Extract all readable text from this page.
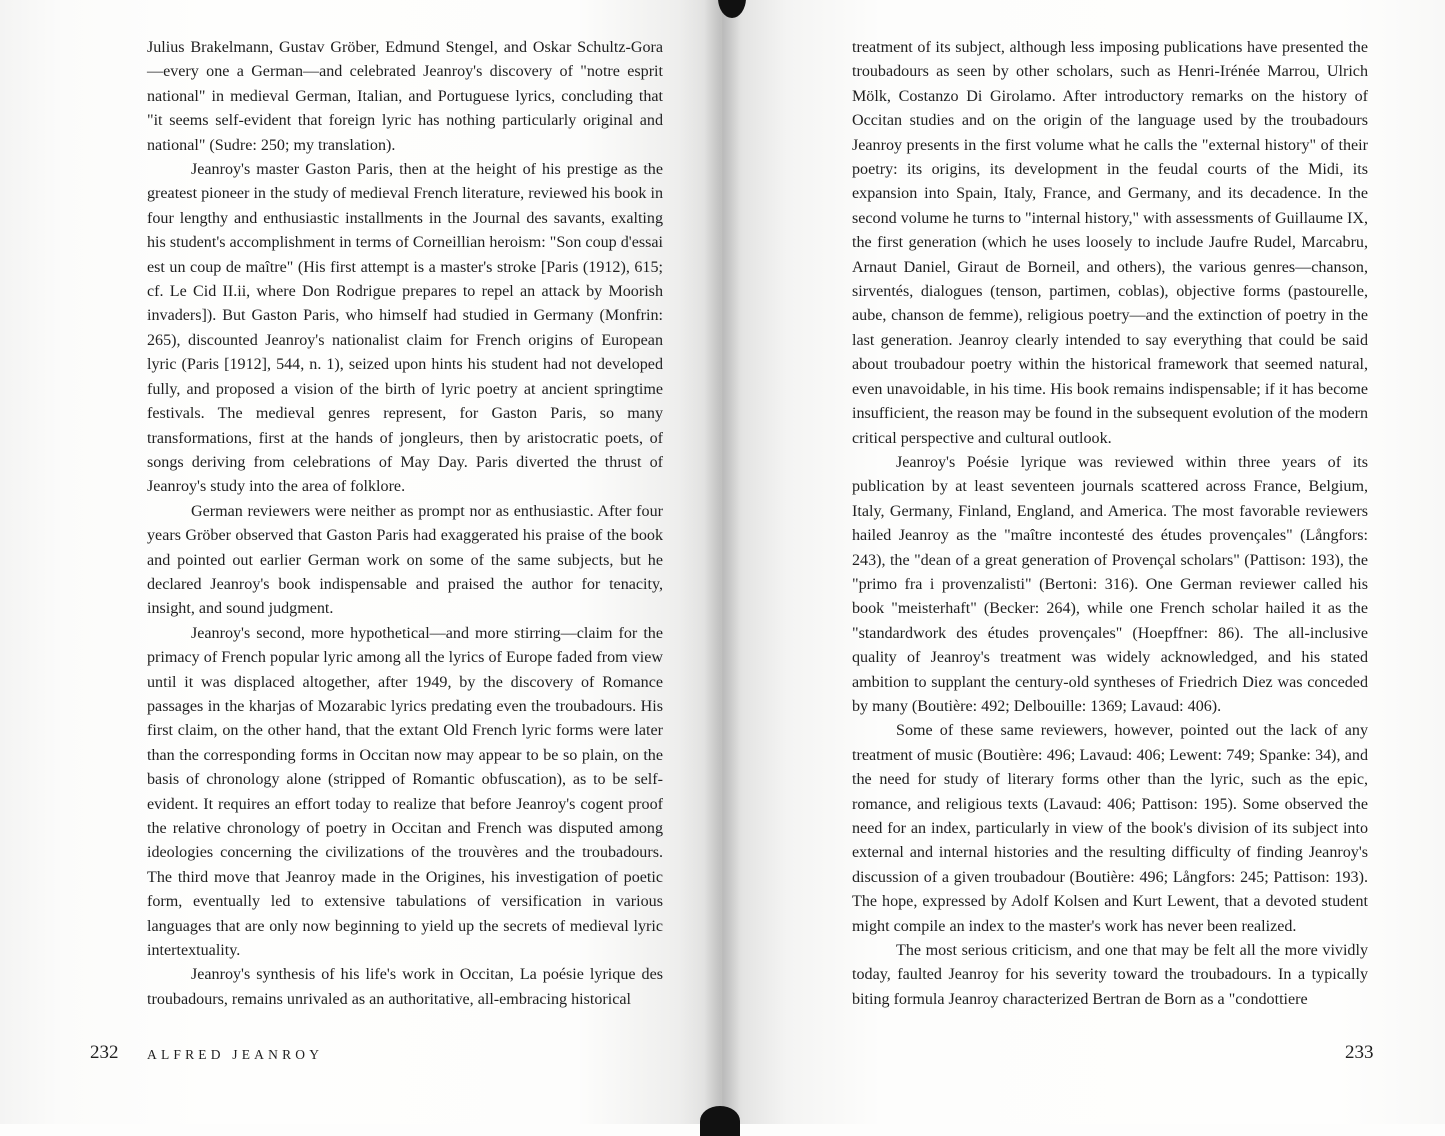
Julius Brakelmann, Gustav Gröber, Edmund Stengel, and Oskar Schultz-Gora—every one a German—and celebrated Jeanroy's discovery of "notre esprit national" in medieval German, Italian, and Portuguese lyrics, concluding that "it seems self-evident that foreign lyric has nothing particularly original and national" (Sudre: 250; my translation).

Jeanroy's master Gaston Paris, then at the height of his prestige as the greatest pioneer in the study of medieval French literature, reviewed his book in four lengthy and enthusiastic installments in the Journal des savants, exalting his student's accomplishment in terms of Corneillian heroism: "Son coup d'essai est un coup de maître" (His first attempt is a master's stroke [Paris (1912), 615; cf. Le Cid II.ii, where Don Rodrigue prepares to repel an attack by Moorish invaders]). But Gaston Paris, who himself had studied in Germany (Monfrin: 265), discounted Jeanroy's nationalist claim for French origins of European lyric (Paris [1912], 544, n. 1), seized upon hints his student had not developed fully, and proposed a vision of the birth of lyric poetry at ancient springtime festivals. The medieval genres represent, for Gaston Paris, so many transformations, first at the hands of jongleurs, then by aristocratic poets, of songs deriving from celebrations of May Day. Paris diverted the thrust of Jeanroy's study into the area of folklore.

German reviewers were neither as prompt nor as enthusiastic. After four years Gröber observed that Gaston Paris had exaggerated his praise of the book and pointed out earlier German work on some of the same subjects, but he declared Jeanroy's book indispensable and praised the author for tenacity, insight, and sound judgment.

Jeanroy's second, more hypothetical—and more stirring—claim for the primacy of French popular lyric among all the lyrics of Europe faded from view until it was displaced altogether, after 1949, by the discovery of Romance passages in the kharjas of Mozarabic lyrics predating even the troubadours. His first claim, on the other hand, that the extant Old French lyric forms were later than the corresponding forms in Occitan now may appear to be so plain, on the basis of chronology alone (stripped of Romantic obfuscation), as to be self-evident. It requires an effort today to realize that before Jeanroy's cogent proof the relative chronology of poetry in Occitan and French was disputed among ideologies concerning the civilizations of the trouvères and the troubadours. The third move that Jeanroy made in the Origines, his investigation of poetic form, eventually led to extensive tabulations of versification in various languages that are only now beginning to yield up the secrets of medieval lyric intertextuality.

Jeanroy's synthesis of his life's work in Occitan, La poésie lyrique des troubadours, remains unrivaled as an authoritative, all-embracing historical

treatment of its subject, although less imposing publications have presented the troubadours as seen by other scholars, such as Henri-Irénée Marrou, Ulrich Mölk, Costanzo Di Girolamo. After introductory remarks on the history of Occitan studies and on the origin of the language used by the troubadours Jeanroy presents in the first volume what he calls the "external history" of their poetry: its origins, its development in the feudal courts of the Midi, its expansion into Spain, Italy, France, and Germany, and its decadence. In the second volume he turns to "internal history," with assessments of Guillaume IX, the first generation (which he uses loosely to include Jaufre Rudel, Marcabru, Arnaut Daniel, Giraut de Borneil, and others), the various genres—chanson, sirventés, dialogues (tenson, partimen, coblas), objective forms (pastourelle, aube, chanson de femme), religious poetry—and the extinction of poetry in the last generation. Jeanroy clearly intended to say everything that could be said about troubadour poetry within the historical framework that seemed natural, even unavoidable, in his time. His book remains indispensable; if it has become insufficient, the reason may be found in the subsequent evolution of the modern critical perspective and cultural outlook.

Jeanroy's Poésie lyrique was reviewed within three years of its publication by at least seventeen journals scattered across France, Belgium, Italy, Germany, Finland, England, and America. The most favorable reviewers hailed Jeanroy as the "maître incontesté des études provençales" (Långfors: 243), the "dean of a great generation of Provençal scholars" (Pattison: 193), the "primo fra i provenzalisti" (Bertoni: 316). One German reviewer called his book "meisterhaft" (Becker: 264), while one French scholar hailed it as the "standardwork des études provençales" (Hoepffner: 86). The all-inclusive quality of Jeanroy's treatment was widely acknowledged, and his stated ambition to supplant the century-old syntheses of Friedrich Diez was conceded by many (Boutière: 492; Delbouille: 1369; Lavaud: 406).

Some of these same reviewers, however, pointed out the lack of any treatment of music (Boutière: 496; Lavaud: 406; Lewent: 749; Spanke: 34), and the need for study of literary forms other than the lyric, such as the epic, romance, and religious texts (Lavaud: 406; Pattison: 195). Some observed the need for an index, particularly in view of the book's division of its subject into external and internal histories and the resulting difficulty of finding Jeanroy's discussion of a given troubadour (Boutière: 496; Långfors: 245; Pattison: 193). The hope, expressed by Adolf Kolsen and Kurt Lewent, that a devoted student might compile an index to the master's work has never been realized.

The most serious criticism, and one that may be felt all the more vividly today, faulted Jeanroy for his severity toward the troubadours. In a typically biting formula Jeanroy characterized Bertran de Born as a "condottiere

232 ALFRED JEANROY	233
